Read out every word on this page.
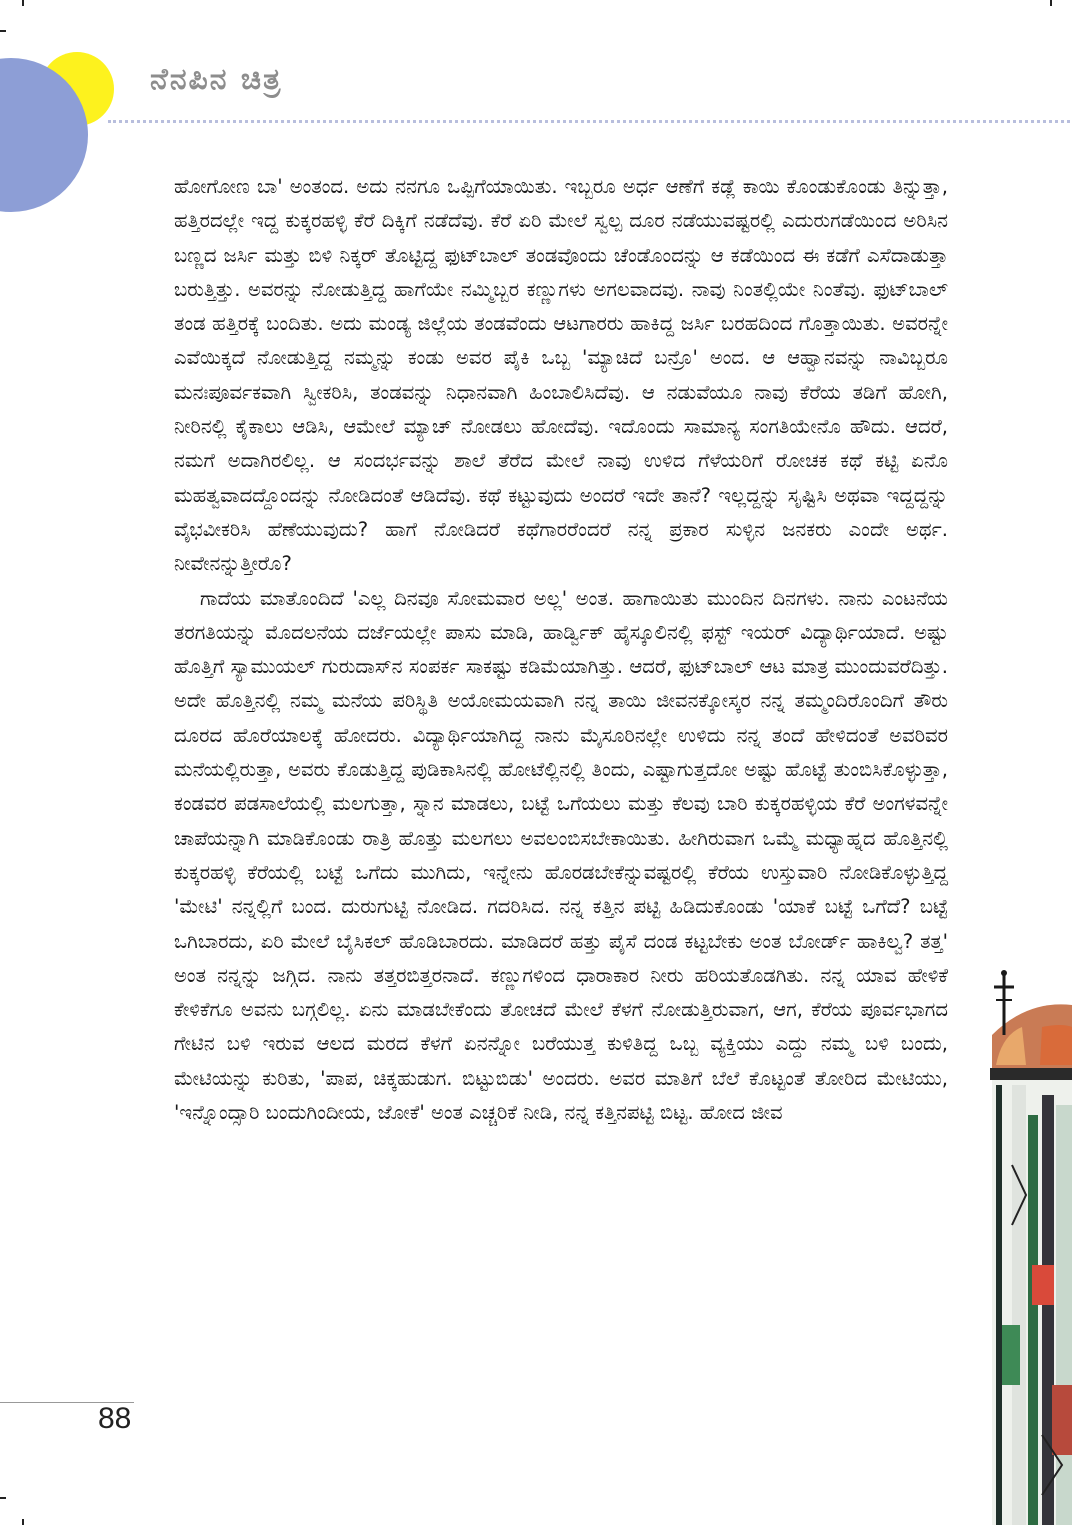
ನೆನಪಿನ ಚಿತ್ರ

ಹೋಗೋಣ ಬಾ' ಅಂತಂದ. ಅದು ನನಗೂ ಒಪ್ಪಿಗೆಯಾಯಿತು. ಇಬ್ಬರೂ ಅರ್ಧ ಆಣೆಗೆ ಕಡ್ಲೆ ಕಾಯಿ ಕೊಂಡುಕೊಂಡು ತಿನ್ನುತ್ತಾ, ಹತ್ತಿರದಲ್ಲೇ ಇದ್ದ ಕುಕ್ಕರಹಳ್ಳಿ ಕೆರೆ ದಿಕ್ಕಿಗೆ ನಡೆದೆವು. ಕೆರೆ ಏರಿ ಮೇಲೆ ಸ್ವಲ್ಪ ದೂರ ನಡೆಯುವಷ್ಟರಲ್ಲಿ ಎದುರುಗಡೆಯಿಂದ ಅರಿಸಿನ ಬಣ್ಣದ ಜರ್ಸಿ ಮತ್ತು ಬಿಳಿ ನಿಕ್ಕರ್ ತೊಟ್ಟಿದ್ದ ಫುಟ್‌ಬಾಲ್ ತಂಡವೊಂದು ಚೆಂಡೊಂದನ್ನು ಆ ಕಡೆಯಿಂದ ಈ ಕಡೆಗೆ ಎಸೆದಾಡುತ್ತಾ ಬರುತ್ತಿತ್ತು. ಅವರನ್ನು ನೋಡುತ್ತಿದ್ದ ಹಾಗೆಯೇ ನಮ್ಮಿಬ್ಬರ ಕಣ್ಣುಗಳು ಅಗಲವಾದವು. ನಾವು ನಿಂತಲ್ಲಿಯೇ ನಿಂತೆವು. ಫುಟ್‌ಬಾಲ್ ತಂಡ ಹತ್ತಿರಕ್ಕೆ ಬಂದಿತು. ಅದು ಮಂಡ್ಯ ಜಿಲ್ಲೆಯ ತಂಡವೆಂದು ಆಟಗಾರರು ಹಾಕಿದ್ದ ಜರ್ಸಿ ಬರಹದಿಂದ ಗೊತ್ತಾಯಿತು. ಅವರನ್ನೇ ಎವೆಯಿಕ್ಕದೆ ನೋಡುತ್ತಿದ್ದ ನಮ್ಮನ್ನು ಕಂಡು ಅವರ ಪೈಕಿ ಒಬ್ಬ 'ಮ್ಯಾಚಿದೆ ಬನ್ರೊ' ಅಂದ. ಆ ಆಹ್ವಾನವನ್ನು ನಾವಿಬ್ಬರೂ ಮನಃಪೂರ್ವಕವಾಗಿ ಸ್ವೀಕರಿಸಿ, ತಂಡವನ್ನು ನಿಧಾನವಾಗಿ ಹಿಂಬಾಲಿಸಿದೆವು. ಆ ನಡುವೆಯೂ ನಾವು ಕೆರೆಯ ತಡಿಗೆ ಹೋಗಿ, ನೀರಿನಲ್ಲಿ ಕೈಕಾಲು ಆಡಿಸಿ, ಆಮೇಲೆ ಮ್ಯಾಚ್ ನೋಡಲು ಹೋದೆವು. ಇದೊಂದು ಸಾಮಾನ್ಯ ಸಂಗತಿಯೇನೊ ಹೌದು. ಆದರೆ, ನಮಗೆ ಅದಾಗಿರಲಿಲ್ಲ. ಆ ಸಂದರ್ಭವನ್ನು ಶಾಲೆ ತೆರೆದ ಮೇಲೆ ನಾವು ಉಳಿದ ಗೆಳೆಯರಿಗೆ ರೋಚಕ ಕಥೆ ಕಟ್ಟಿ ಏನೊ ಮಹತ್ವವಾದದ್ದೊಂದನ್ನು ನೋಡಿದಂತೆ ಆಡಿದೆವು. ಕಥೆ ಕಟ್ಟುವುದು ಅಂದರೆ ಇದೇ ತಾನೆ? ಇಲ್ಲದ್ದನ್ನು ಸೃಷ್ಟಿಸಿ ಅಥವಾ ಇದ್ದದ್ದನ್ನು ವೈಭವೀಕರಿಸಿ ಹೆಣೆಯುವುದು? ಹಾಗೆ ನೋಡಿದರೆ ಕಥೆಗಾರರೆಂದರೆ ನನ್ನ ಪ್ರಕಾರ ಸುಳ್ಳಿನ ಜನಕರು ಎಂದೇ ಅರ್ಥ. ನೀವೇನನ್ನುತ್ತೀರೊ?

ಗಾದೆಯ ಮಾತೊಂದಿದೆ 'ಎಲ್ಲ ದಿನವೂ ಸೋಮವಾರ ಅಲ್ಲ' ಅಂತ. ಹಾಗಾಯಿತು ಮುಂದಿನ ದಿನಗಳು. ನಾನು ಎಂಟನೆಯ ತರಗತಿಯನ್ನು ಮೊದಲನೆಯ ದರ್ಜೆಯಲ್ಲೇ ಪಾಸು ಮಾಡಿ, ಹಾರ್ಡ್ವಿಕ್ ಹೈಸ್ಕೂಲಿನಲ್ಲಿ ಫಸ್ಟ್ ಇಯರ್ ವಿದ್ಯಾರ್ಥಿಯಾದೆ. ಅಷ್ಟು ಹೊತ್ತಿಗೆ ಸ್ಯಾಮುಯಲ್ ಗುರುದಾಸ್‌ನ ಸಂಪರ್ಕ ಸಾಕಷ್ಟು ಕಡಿಮೆಯಾಗಿತ್ತು. ಆದರೆ, ಫುಟ್‌ಬಾಲ್ ಆಟ ಮಾತ್ರ ಮುಂದುವರೆದಿತ್ತು. ಅದೇ ಹೊತ್ತಿನಲ್ಲಿ ನಮ್ಮ ಮನೆಯ ಪರಿಸ್ಥಿತಿ ಅಯೋಮಯವಾಗಿ ನನ್ನ ತಾಯಿ ಜೀವನಕ್ಕೋಸ್ಕರ ನನ್ನ ತಮ್ಮಂದಿರೊಂದಿಗೆ ತೌರು ದೂರದ ಹೊರೆಯಾಲಕ್ಕೆ ಹೋದರು. ವಿದ್ಯಾರ್ಥಿಯಾಗಿದ್ದ ನಾನು ಮೈಸೂರಿನಲ್ಲೇ ಉಳಿದು ನನ್ನ ತಂದೆ ಹೇಳಿದಂತೆ ಅವರಿವರ ಮನೆಯಲ್ಲಿರುತ್ತಾ, ಅವರು ಕೊಡುತ್ತಿದ್ದ ಪುಡಿಕಾಸಿನಲ್ಲಿ ಹೋಟೆಲ್ಲಿನಲ್ಲಿ ತಿಂದು, ಎಷ್ಟಾಗುತ್ತದೋ ಅಷ್ಟು ಹೊಟ್ಟೆ ತುಂಬಿಸಿಕೊಳ್ಳುತ್ತಾ, ಕಂಡವರ ಪಡಸಾಲೆಯಲ್ಲಿ ಮಲಗುತ್ತಾ, ಸ್ನಾನ ಮಾಡಲು, ಬಟ್ಟೆ ಒಗೆಯಲು ಮತ್ತು ಕೆಲವು ಬಾರಿ ಕುಕ್ಕರಹಳ್ಳಿಯ ಕೆರೆ ಅಂಗಳವನ್ನೇ ಚಾಪೆಯನ್ನಾಗಿ ಮಾಡಿಕೊಂಡು ರಾತ್ರಿ ಹೊತ್ತು ಮಲಗಲು ಅವಲಂಬಿಸಬೇಕಾಯಿತು. ಹೀಗಿರುವಾಗ ಒಮ್ಮೆ ಮಧ್ಯಾಹ್ನದ ಹೊತ್ತಿನಲ್ಲಿ ಕುಕ್ಕರಹಳ್ಳಿ ಕೆರೆಯಲ್ಲಿ ಬಟ್ಟೆ ಒಗೆದು ಮುಗಿದು, ಇನ್ನೇನು ಹೊರಡಬೇಕೆನ್ನುವಷ್ಟರಲ್ಲಿ ಕೆರೆಯ ಉಸ್ತುವಾರಿ ನೋಡಿಕೊಳ್ಳುತ್ತಿದ್ದ 'ಮೇಟಿ' ನನ್ನಲ್ಲಿಗೆ ಬಂದ. ದುರುಗುಟ್ಟಿ ನೋಡಿದ. ಗದರಿಸಿದ. ನನ್ನ ಕತ್ತಿನ ಪಟ್ಟಿ ಹಿಡಿದುಕೊಂಡು 'ಯಾಕೆ ಬಟ್ಟೆ ಒಗೆದೆ? ಬಟ್ಟೆ ಒಗಿಬಾರದು, ಏರಿ ಮೇಲೆ ಬೈಸಿಕಲ್ ಹೊಡಿಬಾರದು. ಮಾಡಿದರೆ ಹತ್ತು ಪೈಸೆ ದಂಡ ಕಟ್ಟಬೇಕು ಅಂತ ಬೋರ್ಡ್ ಹಾಕಿಲ್ವ? ತತ್ತ' ಅಂತ ನನ್ನನ್ನು ಜಗ್ಗಿದ. ನಾನು ತತ್ತರಬಿತ್ತರನಾದೆ. ಕಣ್ಣುಗಳಿಂದ ಧಾರಾಕಾರ ನೀರು ಹರಿಯತೊಡಗಿತು. ನನ್ನ ಯಾವ ಹೇಳಿಕೆ ಕೇಳಿಕೆಗೂ ಅವನು ಬಗ್ಗಲಿಲ್ಲ. ಏನು ಮಾಡಬೇಕೆಂದು ತೋಚದೆ ಮೇಲೆ ಕೆಳಗೆ ನೋಡುತ್ತಿರುವಾಗ, ಆಗ, ಕೆರೆಯ ಪೂರ್ವಭಾಗದ ಗೇಟಿನ ಬಳಿ ಇರುವ ಆಲದ ಮರದ ಕೆಳಗೆ ಏನನ್ನೋ ಬರೆಯುತ್ತ ಕುಳಿತಿದ್ದ ಒಬ್ಬ ವ್ಯಕ್ತಿಯು ಎದ್ದು ನಮ್ಮ ಬಳಿ ಬಂದು, ಮೇಟಿಯನ್ನು ಕುರಿತು, 'ಪಾಪ, ಚಿಕ್ಕಹುಡುಗ. ಬಿಟ್ಟುಬಿಡು' ಅಂದರು. ಅವರ ಮಾತಿಗೆ ಬೆಲೆ ಕೊಟ್ಟಂತೆ ತೋರಿದ ಮೇಟಿಯು, 'ಇನ್ನೊಂದ್ಸಾರಿ ಬಂದುಗಿಂದೀಯ, ಜೋಕೆ' ಅಂತ ಎಚ್ಚರಿಕೆ ನೀಡಿ, ನನ್ನ ಕತ್ತಿನಪಟ್ಟಿ ಬಿಟ್ಟ. ಹೋದ ಜೀವ

88
